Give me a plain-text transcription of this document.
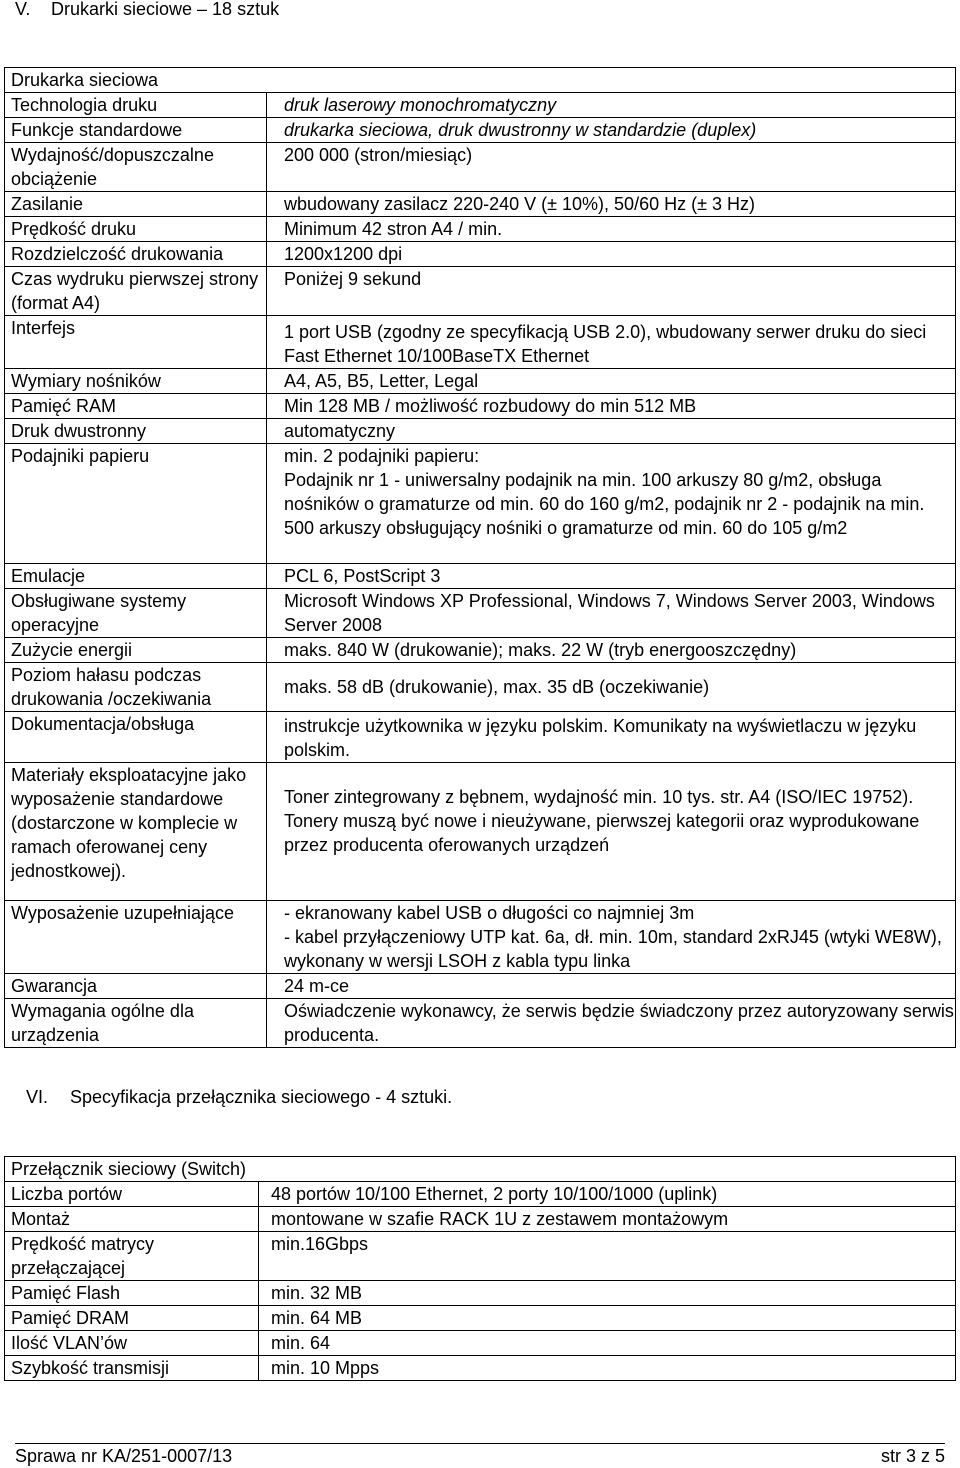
V. Drukarki sieciowe – 18 sztuk
Drukarka sieciowa	
Technologia druku	druk laserowy monochromatyczny
Funkcje standardowe	drukarka sieciowa, druk dwustronny w standardzie (duplex)
Wydajność/dopuszczalne obciążenie	200 000 (stron/miesiąc)
Zasilanie	wbudowany zasilacz 220-240 V (± 10%), 50/60 Hz (± 3 Hz)
Prędkość druku	Minimum 42 stron A4 / min.
Rozdzielczość drukowania	1200x1200 dpi
Czas wydruku pierwszej strony (format A4)	Poniżej 9 sekund
Interfejs	1 port USB (zgodny ze specyfikacją USB 2.0), wbudowany serwer druku do sieci Fast Ethernet 10/100BaseTX Ethernet
Wymiary nośników	A4, A5, B5, Letter, Legal
Pamięć RAM	Min 128 MB / możliwość rozbudowy do min 512 MB
Druk dwustronny	automatyczny
Podajniki papieru	min. 2 podajniki papieru:
Podajnik nr 1 - uniwersalny podajnik na min. 100 arkuszy 80 g/m2, obsługa nośników o gramaturze od min. 60 do 160 g/m2, podajnik nr 2 - podajnik na min. 500 arkuszy obsługujący nośniki o gramaturze od min. 60 do 105 g/m2
Emulacje	PCL 6, PostScript 3
Obsługiwane systemy operacyjne	Microsoft Windows XP Professional, Windows 7, Windows Server 2003, Windows Server 2008
Zużycie energii	maks. 840 W (drukowanie); maks. 22 W (tryb energooszczędny)
Poziom hałasu podczas drukowania /oczekiwania	maks. 58 dB (drukowanie), max. 35 dB (oczekiwanie)
Dokumentacja/obsługa	instrukcje użytkownika w języku polskim. Komunikaty na wyświetlaczu w języku polskim.
Materiały eksploatacyjne jako wyposażenie standardowe (dostarczone w komplecie w ramach oferowanej ceny jednostkowej).	Toner zintegrowany z bębnem, wydajność min. 10 tys. str. A4 (ISO/IEC 19752).
Tonery muszą być nowe i nieużywane, pierwszej kategorii oraz wyprodukowane przez producenta oferowanych urządzeń
Wyposażenie uzupełniające	- ekranowany kabel USB o długości co najmniej 3m
- kabel przyłączeniowy UTP kat. 6a, dł. min. 10m, standard 2xRJ45 (wtyki WE8W), wykonany w wersji LSOH z kabla typu linka
Gwarancja	24 m-ce
Wymagania ogólne dla urządzenia	Oświadczenie wykonawcy, że serwis będzie świadczony przez autoryzowany serwis producenta.
VI. Specyfikacja przełącznika sieciowego - 4 sztuki.
Przełącznik sieciowy (Switch)	
Liczba portów	48 portów 10/100 Ethernet, 2 porty 10/100/1000 (uplink)
Montaż	montowane w szafie RACK 1U z zestawem montażowym
Prędkość matrycy przełączającej	min.16Gbps
Pamięć Flash	min. 32 MB
Pamięć DRAM	min. 64 MB
Ilość VLAN’ów	min. 64
Szybkość transmisji	min. 10 Mpps
Sprawa nr KA/251-0007/13	str 3 z 5
